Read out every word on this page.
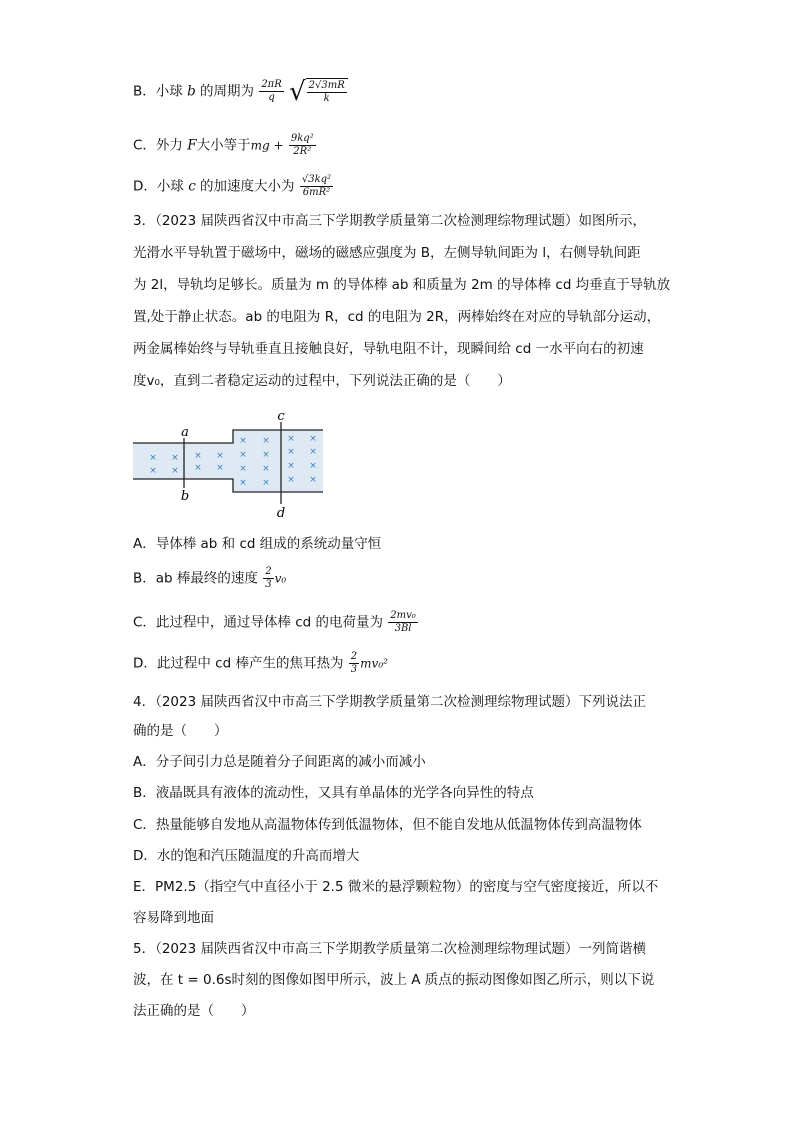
B．小球 b 的周期为 $\frac{2\pi R}{q}$
√ $\frac{2√3mR}{k}$
C．外力 F大小等于mg + $\frac{\text{9kq²}}{\text{2R²}}$
D．小球 c 的加速度大小为 $\frac{\text{√3kq²}}{\text{6mR²}}$
3．（2023 届陕西省汉中市高三下学期教学质量第二次检测理综物理试题）如图所示，
光滑水平导轨置于磁场中，磁场的磁感应强度为 B，左侧导轨间距为 l，右侧导轨间距
为 2l，导轨均足够长。质量为 m 的导体棒 ab 和质量为 2m 的导体棒 cd 均垂直于导轨放
置,处于静止状态。ab 的电阻为 R，cd 的电阻为 2R，两棒始终在对应的导轨部分运动，
两金属棒始终与导轨垂直且接触良好，导轨电阻不计，现瞬间给 cd 一水平向右的初速
度v₀，直到二者稳定运动的过程中，下列说法正确的是（　　）
×
×
×
×
×
×
×
×
×
×
×
×
×
×
×
×
×
×
×
×
×
×
×
×
a
b
c
d
A．导体棒 ab 和 cd 组成的系统动量守恒
B．ab 棒最终的速度 $\frac{2}{3} v_0$
C．此过程中，通过导体棒 cd 的电荷量为 $\frac{\text{2mv₀}}{3Bl}$
D．此过程中 cd 棒产生的焦耳热为 $\frac{2}{3} mv_0^2$
4．（2023 届陕西省汉中市高三下学期教学质量第二次检测理综物理试题）下列说法正
确的是（　　）
A．分子间引力总是随着分子间距离的减小而减小
B．液晶既具有液体的流动性，又具有单晶体的光学各向异性的特点
C．热量能够自发地从高温物体传到低温物体，但不能自发地从低温物体传到高温物体
D．水的饱和汽压随温度的升高而增大
E．PM2.5（指空气中直径小于 2.5 微米的悬浮颗粒物）的密度与空气密度接近，所以不
容易降到地面
5．（2023 届陕西省汉中市高三下学期教学质量第二次检测理综物理试题）一列简谐横
波，在 t = 0.6s时刻的图像如图甲所示，波上 A 质点的振动图像如图乙所示，则以下说
法正确的是（　　）
